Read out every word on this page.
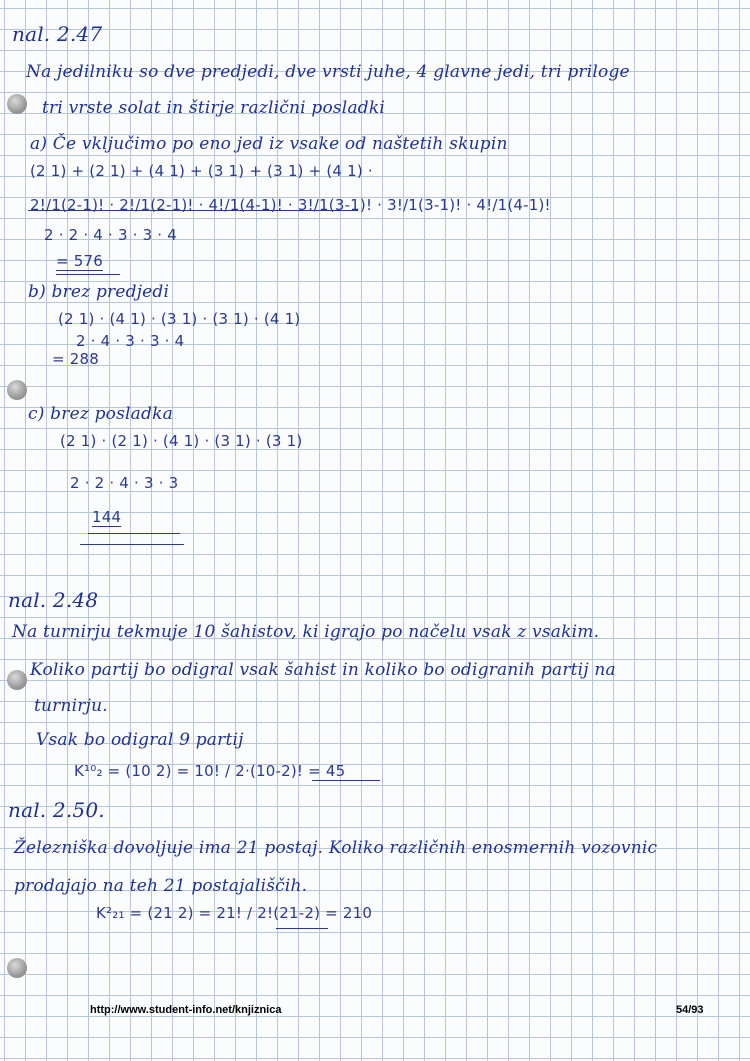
nal. 2.47
Na jedilniku so dve predjedi, dve vrsti juhe, 4 glavne jedi, tri priloge
tri vrste solat in štirje različni posladki
a) Če vključimo po eno jed iz vsake od naštetih skupin
(2 1) + (2 1) + (4 1) + (3 1) + (3 1) + (4 1) ·
2!/1(2-1)! · 2!/1(2-1)! · 4!/1(4-1)! · 3!/1(3-1)! · 3!/1(3-1)! · 4!/1(4-1)!
2 · 2 · 4 · 3 · 3 · 4
= 576
b) brez predjedi
(2 1) · (4 1) · (3 1) · (3 1) · (4 1)
2 · 4 · 3 · 3 · 4
= 288
c) brez posladka
(2 1) · (2 1) · (4 1) · (3 1) · (3 1)
2 · 2 · 4 · 3 · 3
144
nal. 2.48
Na turnirju tekmuje 10 šahistov, ki igrajo po načelu vsak z vsakim.
Koliko partij bo odigral vsak šahist in koliko bo odigranih partij na
turnirju.
Vsak bo odigral 9 partij
K¹⁰₂ = (10 2) = 10! / 2·(10-2)! = 45
nal. 2.50.
Železniška dovoljuje ima 21 postaj. Koliko različnih enosmernih vozovnic
prodajajo na teh 21 postajališčih.
K²₂₁ = (21 2) = 21! / 2!(21-2) = 210
http://www.student-info.net/knjiznica	54/93
